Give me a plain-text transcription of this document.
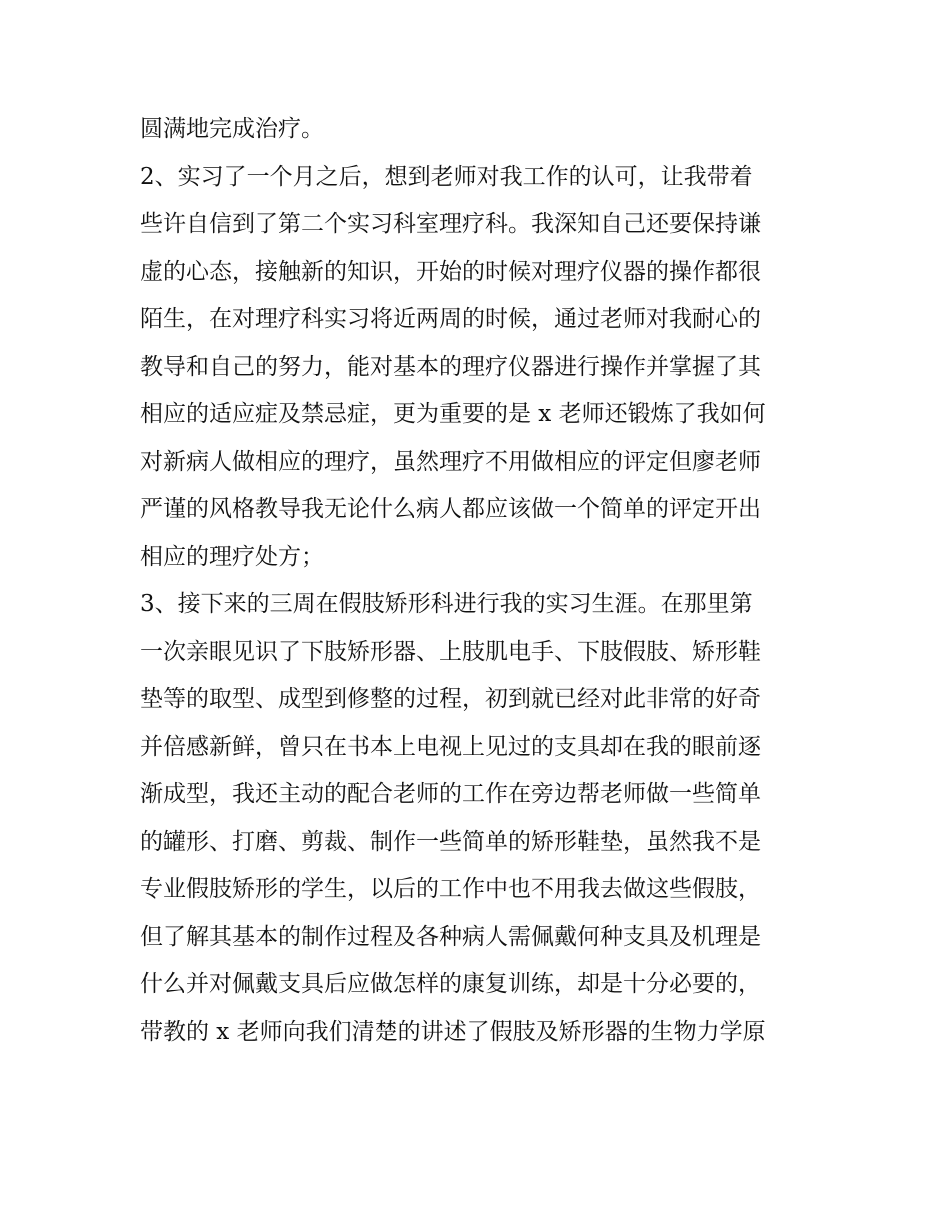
圆满地完成治疗。
2、实习了一个月之后，想到老师对我工作的认可，让我带着
些许自信到了第二个实习科室理疗科。我深知自己还要保持谦
虚的心态，接触新的知识，开始的时候对理疗仪器的操作都很
陌生，在对理疗科实习将近两周的时候，通过老师对我耐心的
教导和自己的努力，能对基本的理疗仪器进行操作并掌握了其
相应的适应症及禁忌症，更为重要的是 x 老师还锻炼了我如何
对新病人做相应的理疗，虽然理疗不用做相应的评定但廖老师
严谨的风格教导我无论什么病人都应该做一个简单的评定开出
相应的理疗处方；
3、接下来的三周在假肢矫形科进行我的实习生涯。在那里第
一次亲眼见识了下肢矫形器、上肢肌电手、下肢假肢、矫形鞋
垫等的取型、成型到修整的过程，初到就已经对此非常的好奇
并倍感新鲜，曾只在书本上电视上见过的支具却在我的眼前逐
渐成型，我还主动的配合老师的工作在旁边帮老师做一些简单
的罐形、打磨、剪裁、制作一些简单的矫形鞋垫，虽然我不是
专业假肢矫形的学生，以后的工作中也不用我去做这些假肢，
但了解其基本的制作过程及各种病人需佩戴何种支具及机理是
什么并对佩戴支具后应做怎样的康复训练，却是十分必要的，
带教的 x 老师向我们清楚的讲述了假肢及矫形器的生物力学原
